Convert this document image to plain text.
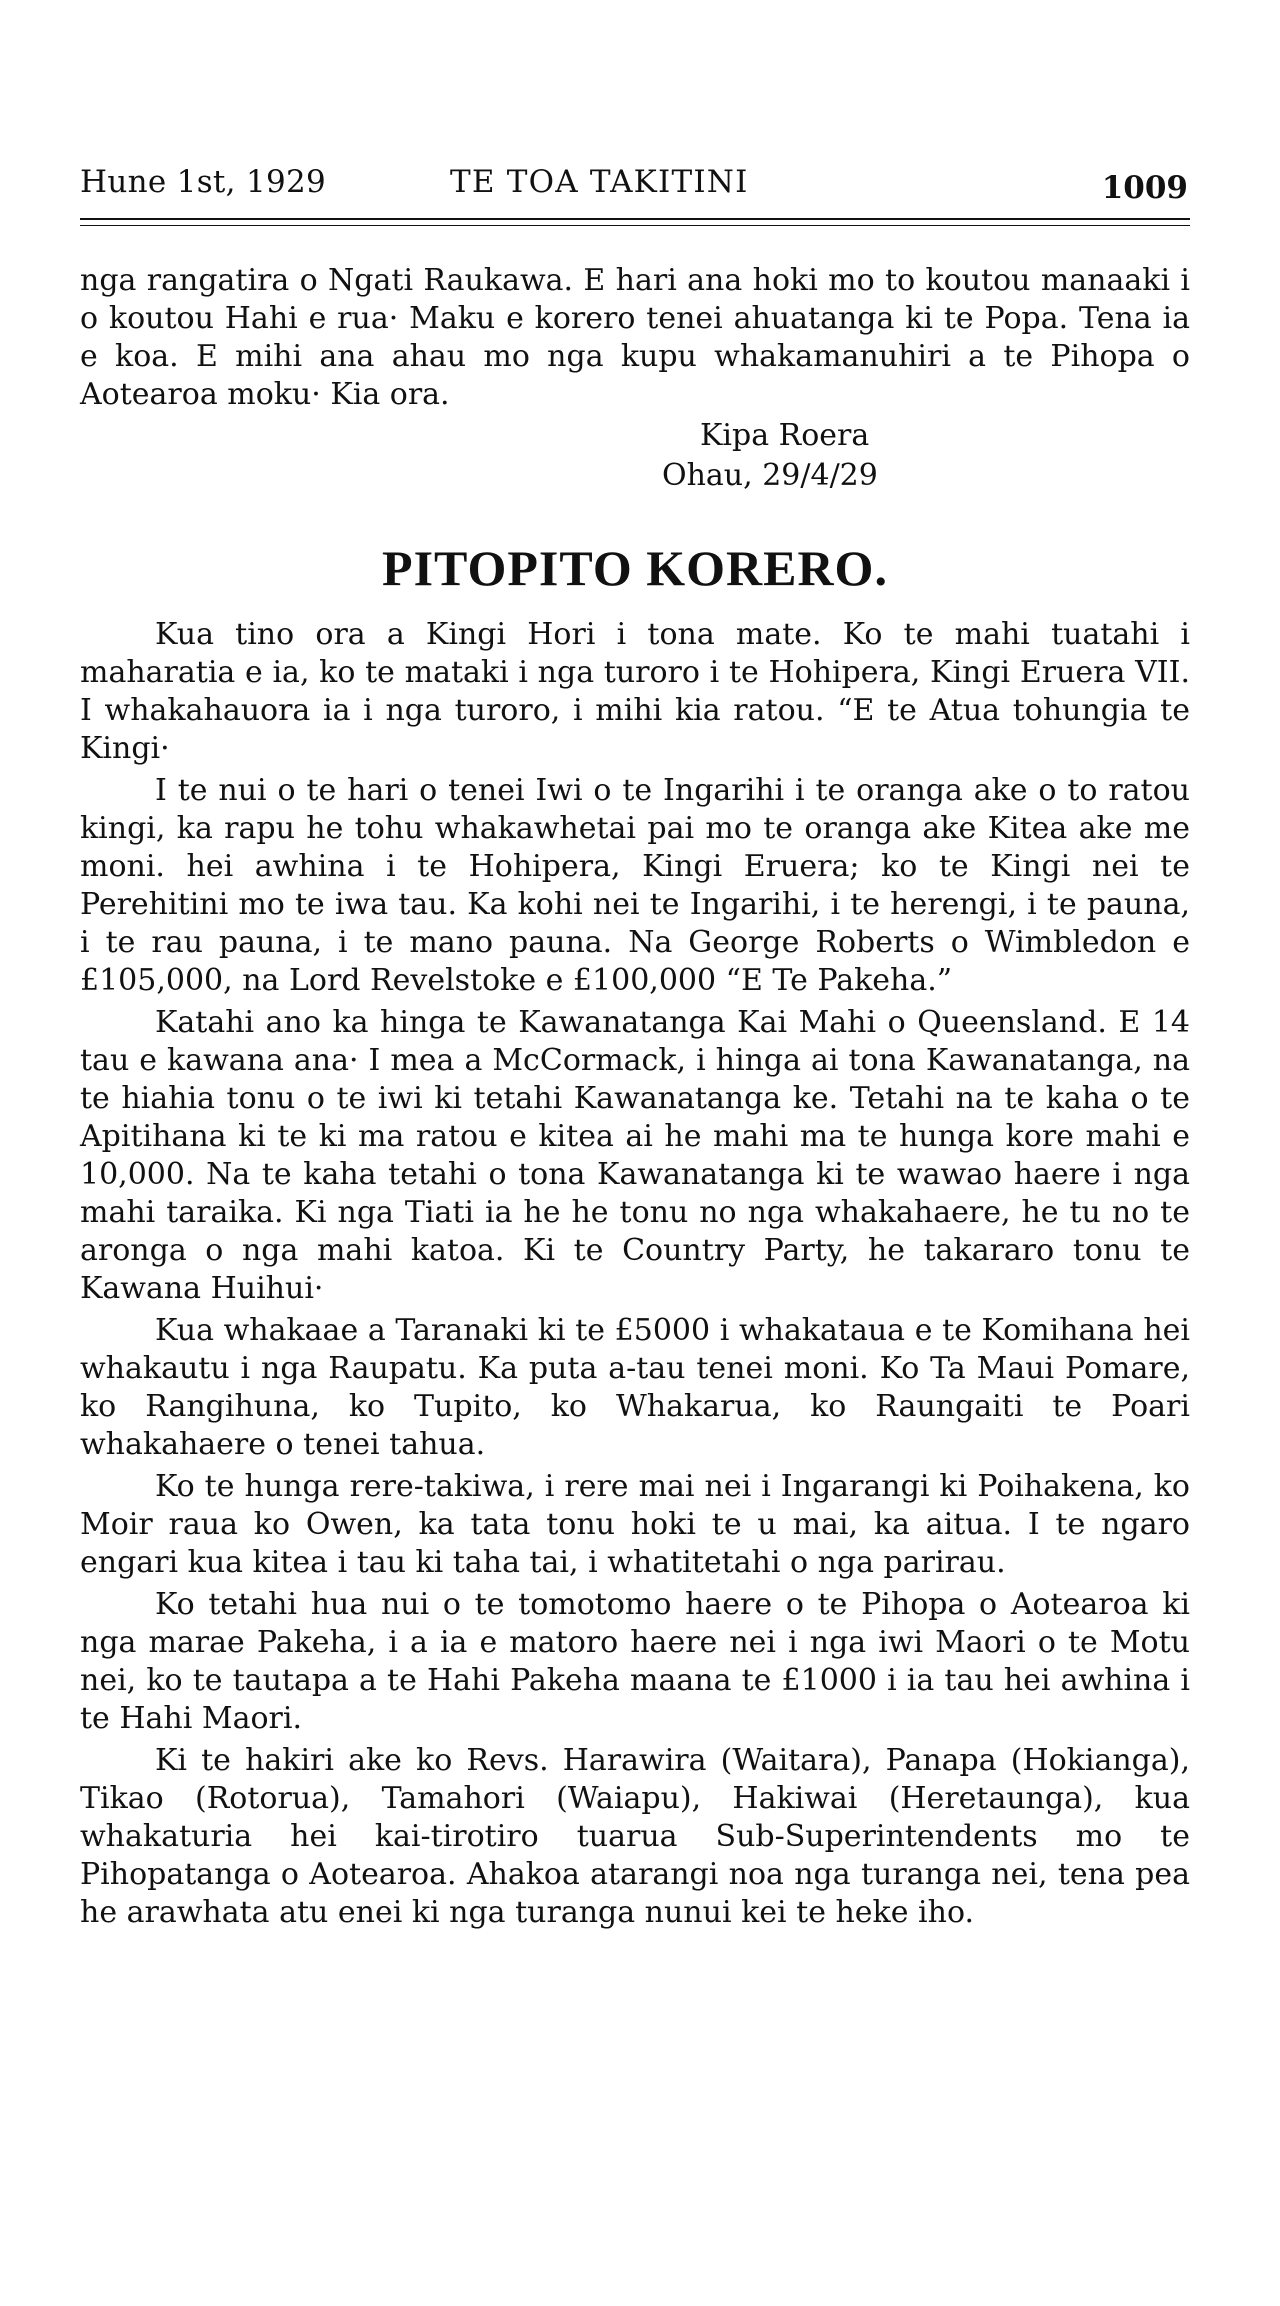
Hune 1st, 1929	TE TOA TAKITINI	1009

nga rangatira o Ngati Raukawa. E hari ana hoki mo to koutou manaaki i o koutou Hahi e rua· Maku e korero tenei ahuatanga ki te Popa. Tena ia e koa. E mihi ana ahau mo nga kupu whakamanuhiri a te Pihopa o Aotearoa moku· Kia ora.

Kipa Roera
Ohau, 29/4/29
PITOPITO KORERO.

Kua tino ora a Kingi Hori i tona mate. Ko te mahi tuatahi i maharatia e ia, ko te mataki i nga turoro i te Hohipera, Kingi Eruera VII. I whakahauora ia i nga turoro, i mihi kia ratou. “E te Atua tohungia te Kingi·

I te nui o te hari o tenei Iwi o te Ingarihi i te oranga ake o to ratou kingi, ka rapu he tohu whakawhetai pai mo te oranga ake Kitea ake me moni. hei awhina i te Hohipera, Kingi Eruera; ko te Kingi nei te Perehitini mo te iwa tau. Ka kohi nei te Ingarihi, i te herengi, i te pauna, i te rau pauna, i te mano pauna. Na George Roberts o Wimbledon e £105,000, na Lord Revelstoke e £100,000 “E Te Pakeha.”

Katahi ano ka hinga te Kawanatanga Kai Mahi o Queensland. E 14 tau e kawana ana· I mea a McCormack, i hinga ai tona Kawanatanga, na te hiahia tonu o te iwi ki tetahi Kawanatanga ke. Tetahi na te kaha o te Apitihana ki te ki ma ratou e kitea ai he mahi ma te hunga kore mahi e 10,000. Na te kaha tetahi o tona Kawanatanga ki te wawao haere i nga mahi taraika. Ki nga Tiati ia he he tonu no nga whakahaere, he tu no te aronga o nga mahi katoa. Ki te Country Party, he takararo tonu te Kawana Huihui·

Kua whakaae a Taranaki ki te £5000 i whakataua e te Komihana hei whakautu i nga Raupatu. Ka puta a-tau tenei moni. Ko Ta Maui Pomare, ko Rangihuna, ko Tupito, ko Whakarua, ko Raungaiti te Poari whakahaere o tenei tahua.

Ko te hunga rere-takiwa, i rere mai nei i Ingarangi ki Poihakena, ko Moir raua ko Owen, ka tata tonu hoki te u mai, ka aitua. I te ngaro engari kua kitea i tau ki taha tai, i whatitetahi o nga parirau.

Ko tetahi hua nui o te tomotomo haere o te Pihopa o Aotearoa ki nga marae Pakeha, i a ia e matoro haere nei i nga iwi Maori o te Motu nei, ko te tautapa a te Hahi Pakeha maana te £1000 i ia tau hei awhina i te Hahi Maori.

Ki te hakiri ake ko Revs. Harawira (Waitara), Panapa (Hokianga), Tikao (Rotorua), Tamahori (Waiapu), Hakiwai (Heretaunga), kua whakaturia hei kai-tirotiro tuarua Sub-Superintendents mo te Pihopatanga o Aotearoa. Ahakoa atarangi noa nga turanga nei, tena pea he arawhata atu enei ki nga turanga nunui kei te heke iho.
